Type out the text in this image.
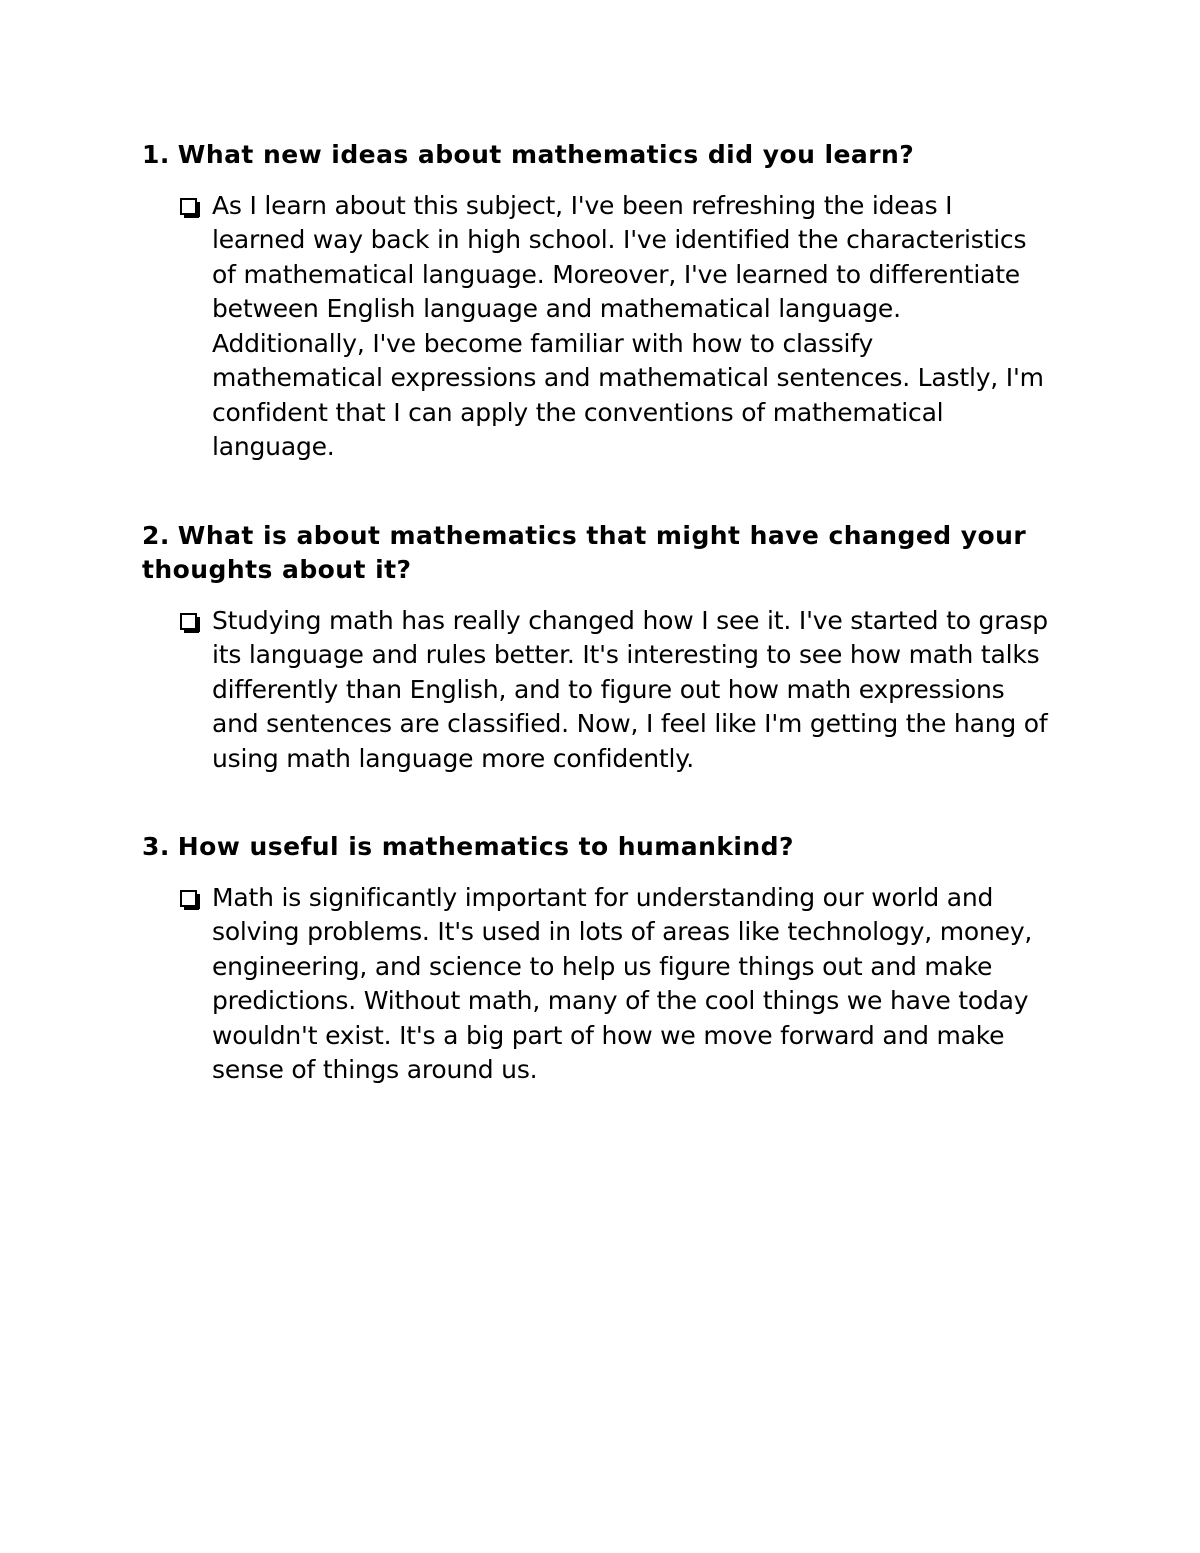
1. What new ideas about mathematics did you learn?

As I learn about this subject, I've been refreshing the ideas I learned way back in high school. I've identified the characteristics of mathematical language. Moreover, I've learned to differentiate between English language and mathematical language. Additionally, I've become familiar with how to classify mathematical expressions and mathematical sentences. Lastly, I'm confident that I can apply the conventions of mathematical language.

2. What is about mathematics that might have changed your thoughts about it?

Studying math has really changed how I see it. I've started to grasp its language and rules better. It's interesting to see how math talks differently than English, and to figure out how math expressions and sentences are classified. Now, I feel like I'm getting the hang of using math language more confidently.

3. How useful is mathematics to humankind?

Math is significantly important for understanding our world and solving problems. It's used in lots of areas like technology, money, engineering, and science to help us figure things out and make predictions. Without math, many of the cool things we have today wouldn't exist. It's a big part of how we move forward and make sense of things around us.
